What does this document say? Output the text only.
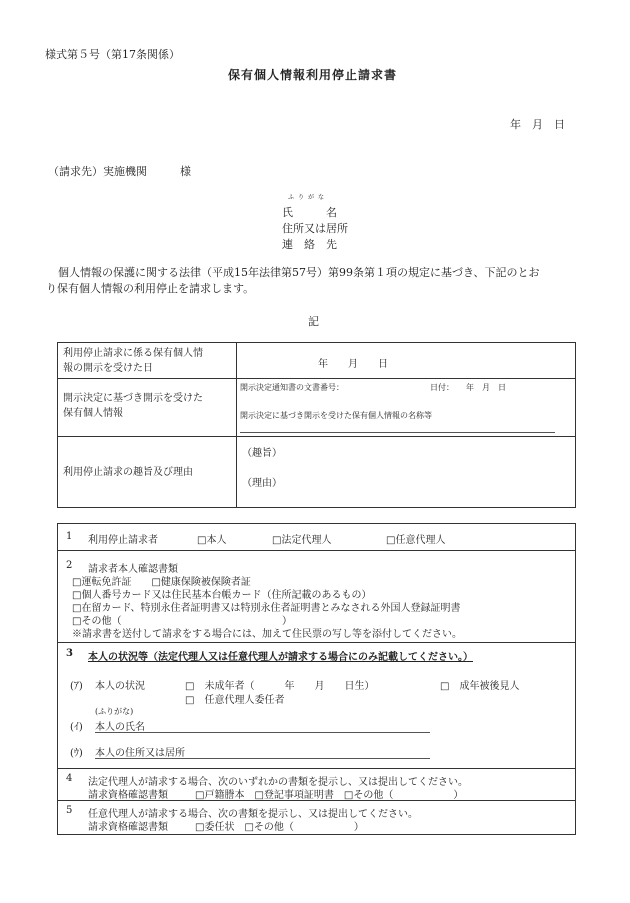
様式第５号（第17条関係）
保有個人情報利用停止請求書
年　月　日
（請求先）実施機関　　　様
ふりがな
氏　　　名
住所又は居所
連　絡　先
個人情報の保護に関する法律（平成15年法律第57号）第99条第１項の規定に基づき、下記のとお
り保有個人情報の利用停止を請求します。
記
利用停止請求に係る保有個人情
報の開示を受けた日	年　　月　　日
開示決定に基づき開示を受けた
保有個人情報
開示決定通知書の文書番号：	日付：　　年　月　日
開示決定に基づき開示を受けた保有個人情報の名称等
利用停止請求の趣旨及び理由
（趣旨）
（理由）
1 利用停止請求者	□本人	□法定代理人	□任意代理人
2 請求者本人確認書類
□運転免許証　　□健康保険被保険者証
□個人番号カード又は住民基本台帳カード（住所記載のあるもの）
□在留カード、特別永住者証明書又は特別永住者証明書とみなされる外国人登録証明書
□その他（	）
※請求書を送付して請求をする場合には、加えて住民票の写し等を添付してください。
3 本人の状況等（法定代理人又は任意代理人が請求する場合にのみ記載してください。）
(ｱ) 本人の状況	□　未成年者（　　　年　　月　　日生）	□　成年被後見人
□　任意代理人委任者
(ふりがな)
(ｲ) 本人の氏名
(ｳ) 本人の住所又は居所
4 法定代理人が請求する場合、次のいずれかの書類を提示し、又は提出してください。
請求資格確認書類	□戸籍謄本　□登記事項証明書　□その他（　　　　　　）
5 任意代理人が請求する場合、次の書類を提示し、又は提出してください。
請求資格確認書類	□委任状　□その他（　　　　　　）
